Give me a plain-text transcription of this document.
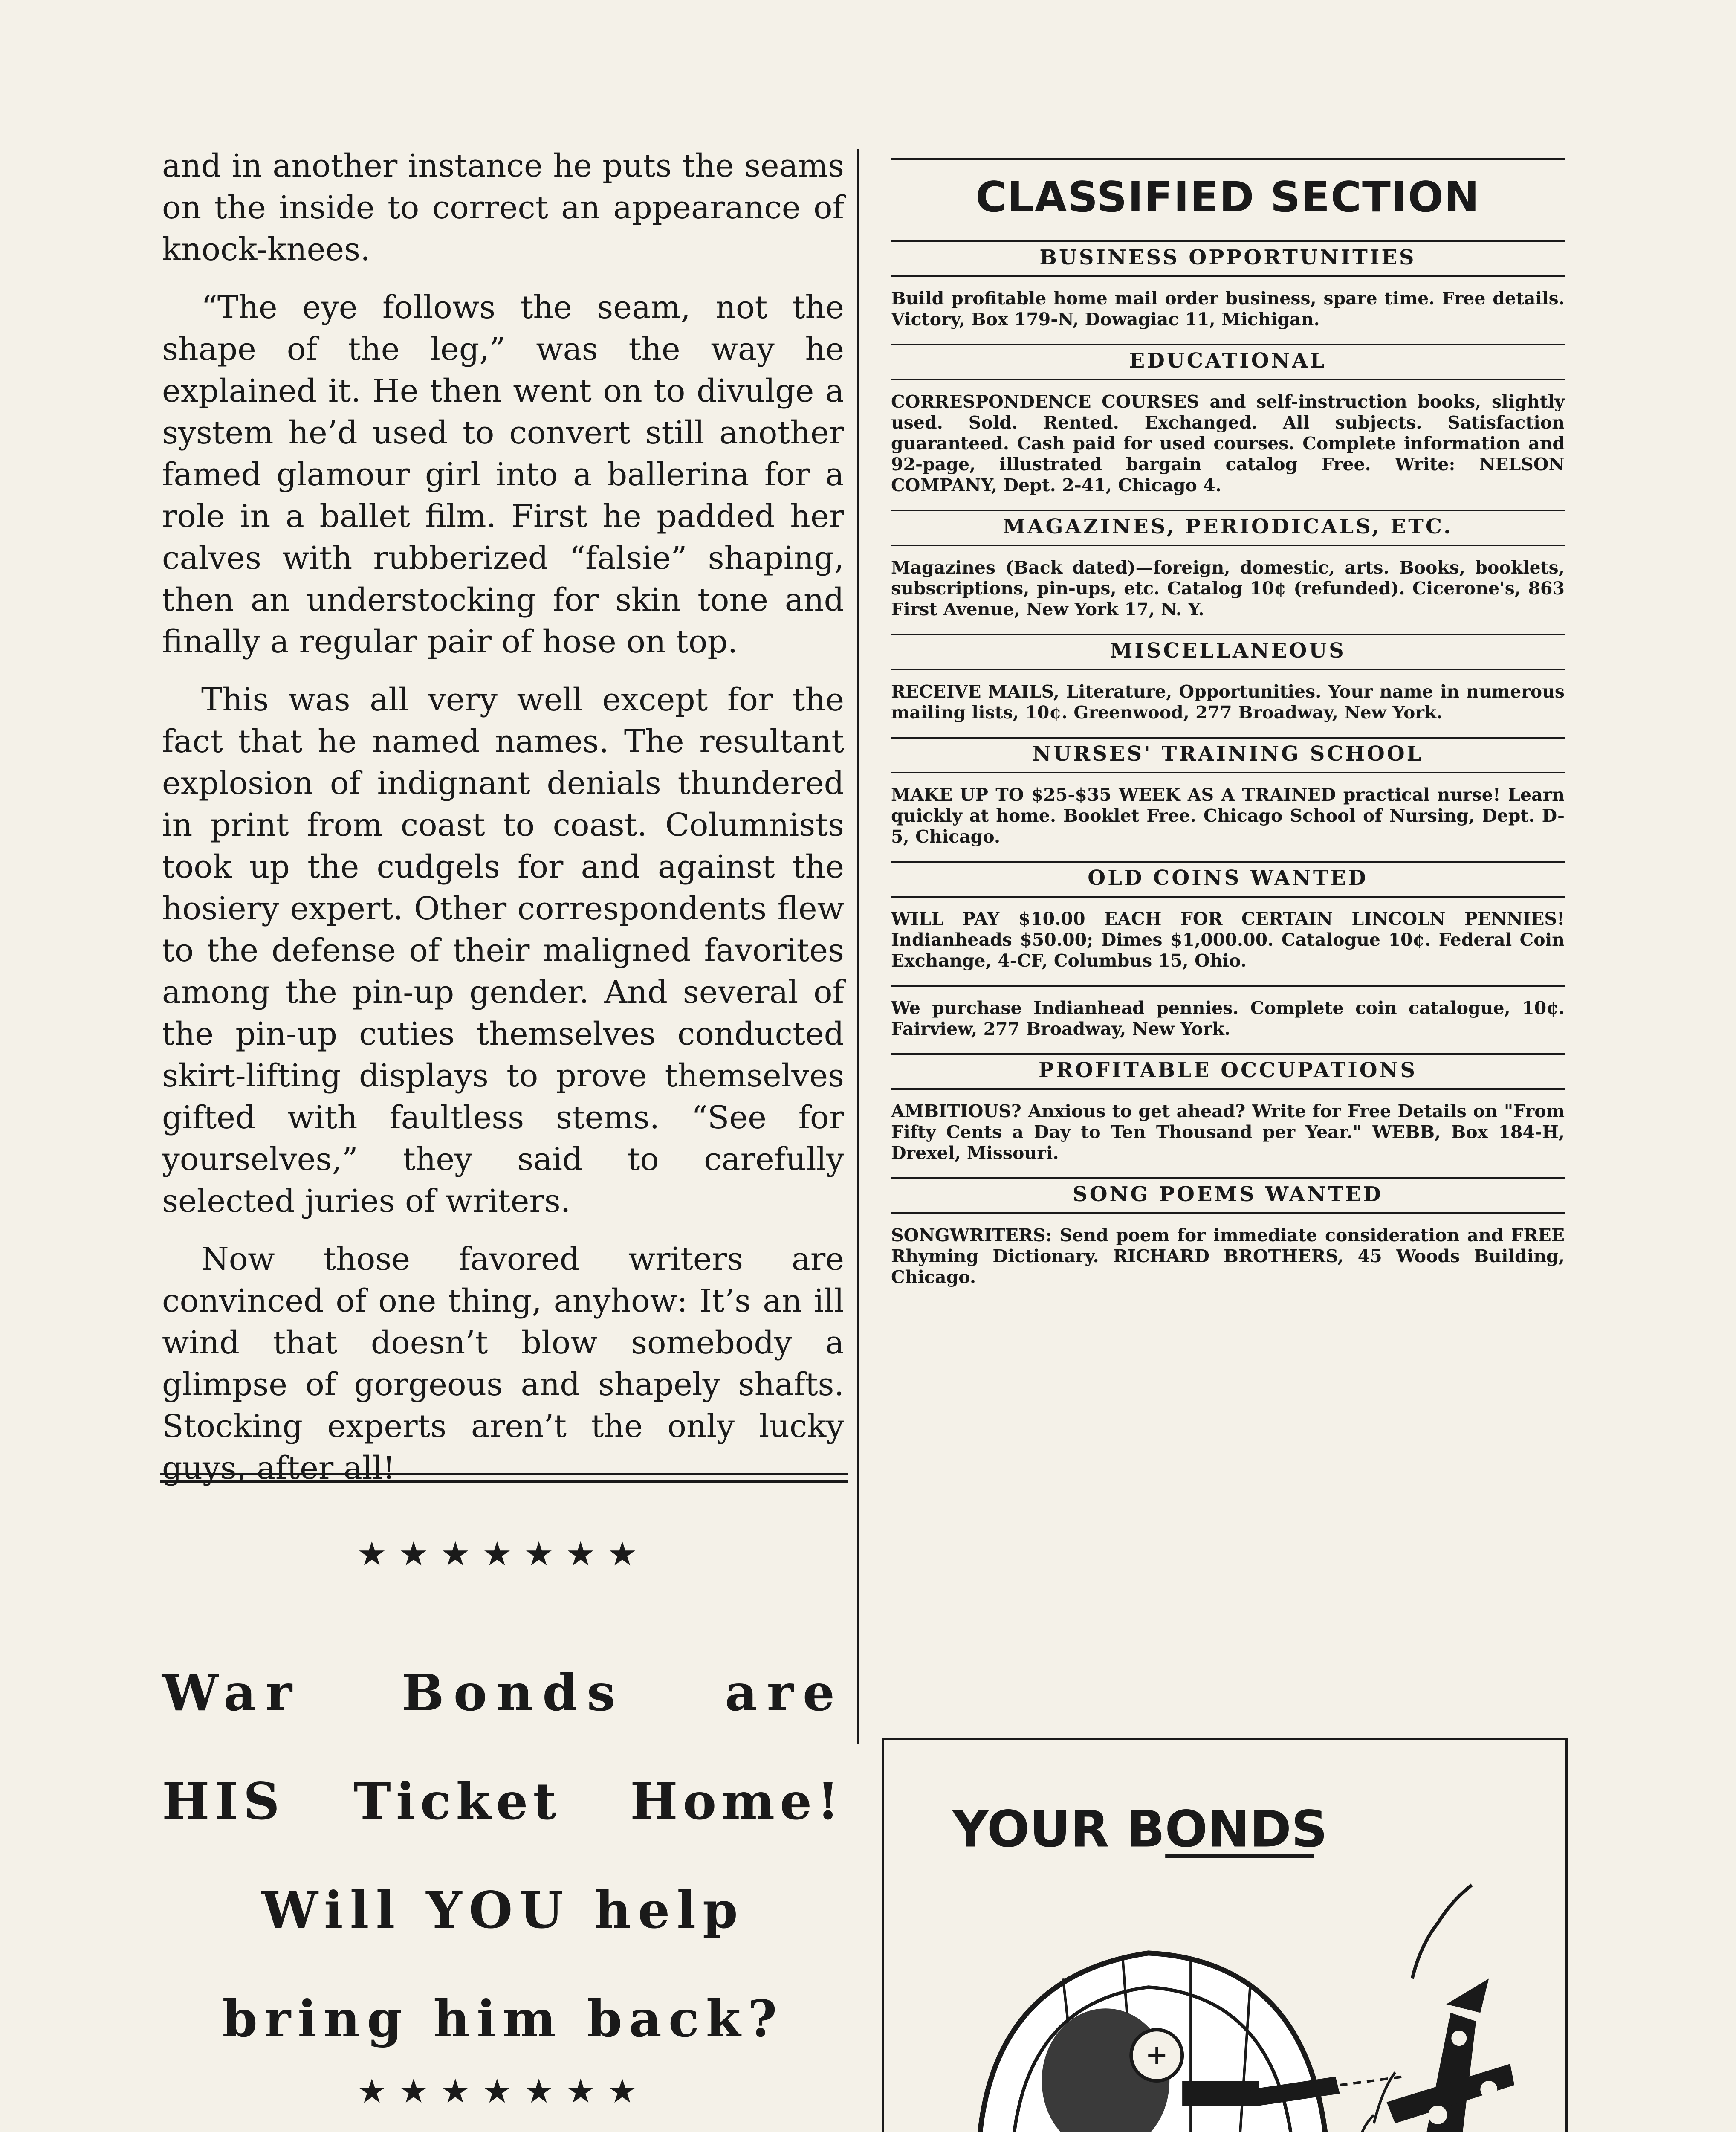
and in another instance he puts the seams on the inside to correct an appearance of knock-knees.

“The eye follows the seam, not the shape of the leg,” was the way he explained it. He then went on to divulge a system he’d used to convert still another famed glamour girl into a ballerina for a role in a ballet film. First he padded her calves with rubberized “falsie” shaping, then an understocking for skin tone and finally a regular pair of hose on top.

This was all very well except for the fact that he named names. The resultant explosion of indignant denials thundered in print from coast to coast. Columnists took up the cudgels for and against the hosiery expert. Other correspondents flew to the defense of their maligned favorites among the pin-up gender. And several of the pin-up cuties themselves conducted skirt-lifting displays to prove themselves gifted with faultless stems. “See for yourselves,” they said to carefully selected juries of writers.

Now those favored writers are convinced of one thing, anyhow: It’s an ill wind that doesn’t blow somebody a glimpse of gorgeous and shapely shafts. Stocking experts aren’t the only lucky guys, after all!

★★★★★★★
War Bonds are
HIS Ticket Home!
Will YOU help
bring him back?
★★★★★★★
CLASSIFIED SECTION
BUSINESS OPPORTUNITIES
Build profitable home mail order business, spare time. Free details. Victory, Box 179-N, Dowagiac 11, Michigan.
EDUCATIONAL
CORRESPONDENCE COURSES and self-instruction books, slightly used. Sold. Rented. Exchanged. All subjects. Satisfaction guaranteed. Cash paid for used courses. Complete information and 92-page, illustrated bargain catalog Free. Write: NELSON COMPANY, Dept. 2-41, Chicago 4.
MAGAZINES, PERIODICALS, ETC.
Magazines (Back dated)—foreign, domestic, arts. Books, booklets, subscriptions, pin-ups, etc. Catalog 10¢ (refunded). Cicerone's, 863 First Avenue, New York 17, N. Y.
MISCELLANEOUS
RECEIVE MAILS, Literature, Opportunities. Your name in numerous mailing lists, 10¢. Greenwood, 277 Broadway, New York.
NURSES' TRAINING SCHOOL
MAKE UP TO $25-$35 WEEK AS A TRAINED practical nurse! Learn quickly at home. Booklet Free. Chicago School of Nursing, Dept. D-5, Chicago.
OLD COINS WANTED
WILL PAY $10.00 EACH FOR CERTAIN LINCOLN PENNIES! Indianheads $50.00; Dimes $1,000.00. Catalogue 10¢. Federal Coin Exchange, 4-CF, Columbus 15, Ohio.
We purchase Indianhead pennies. Complete coin catalogue, 10¢. Fairview, 277 Broadway, New York.
PROFITABLE OCCUPATIONS
AMBITIOUS? Anxious to get ahead? Write for Free Details on "From Fifty Cents a Day to Ten Thousand per Year." WEBB, Box 184-H, Drexel, Missouri.
SONG POEMS WANTED
SONGWRITERS: Send poem for immediate consideration and FREE Rhyming Dictionary. RICHARD BROTHERS, 45 Woods Building, Chicago.
YOUR BONDS
